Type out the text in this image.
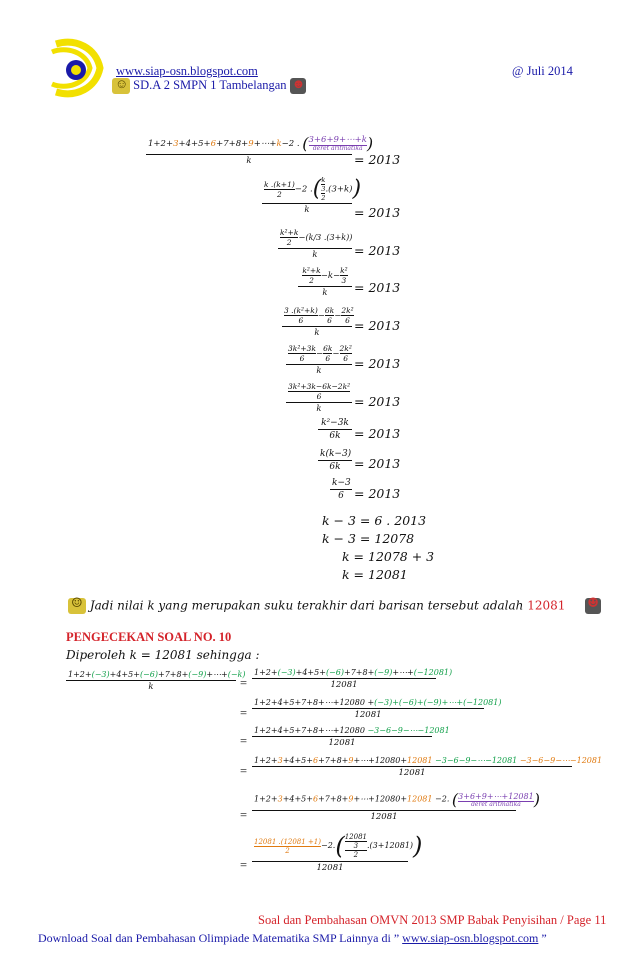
www.siap-osn.blogspot.com	@ Juli 2014
☺ SD.A 2 SMPN 1 Tambelangan ☻
1+2+3+4+5+6+7+8+9+⋯+k−2 . (3+6+9+⋯+k
deret aritmatika )
k	= 2013
$\frac{k .(k+1)}{2}-2$ .( k
3
2.(3+k))
k	= 2013
$\frac{\text{k²+k}}{2}-(k/3$ .(3+k))
k	= 2013
$\frac{\text{k²+k}}{2}-k- \frac{\text{k²}}{3}$
k	= 2013
$\frac{\text{3 .(k²+k)}}{6}- \frac{6k}{6}- \frac{\text{2k²}}{6}$
k	= 2013
$\frac{\text{3k²+3k}}{6}- \frac{6k}{6}- \frac{\text{2k²}}{6}$
k	= 2013
$\frac{\text{3k²+3k−6k−2k²}}{6}$
k	= 2013
k²−3k
6k	= 2013
k(k−3)
6k	= 2013
k−3
6 = 2013
k − 3 = 6 . 2013
k − 3 = 12078
k = 12078 + 3
k = 12081
☺ Jadi nilai k yang merupakan suku terakhir dari barisan tersebut adalah 12081 ☻
PENGECEKAN SOAL NO. 10
Diperoleh k = 12081 sehingga :
1+2+(−3)+4+5+(−6)+7+8+(−9)+⋯+(−k)
k	=
1+2+(−3)+4+5+(−6)+7+8+(−9)+⋯+(−12081)
12081
=
1+2+4+5+7+8+⋯+12080 +(−3)+(−6)+(−9)+⋯+(−12081)
12081
=
1+2+4+5+7+8+⋯+12080 −3−6−9−⋯−12081
12081
=
1+2+3+4+5+6+7+8+9+⋯+12080+12081 −3−6−9−⋯−12081 −3−6−9−⋯−12081
12081
=
1+2+3+4+5+6+7+8+9+⋯+12080+12081 −2. (3+6+9+⋯+12081
deret aritmatika )
12081
=
$\frac{12081 .(12081 +1)}{2}-2$.( 12081
3
2.(3+12081))
12081
Soal dan Pembahasan OMVN 2013 SMP Babak Penyisihan / Page 11
Download Soal dan Pembahasan Olimpiade Matematika SMP Lainnya di ” www.siap-osn.blogspot.com ”
